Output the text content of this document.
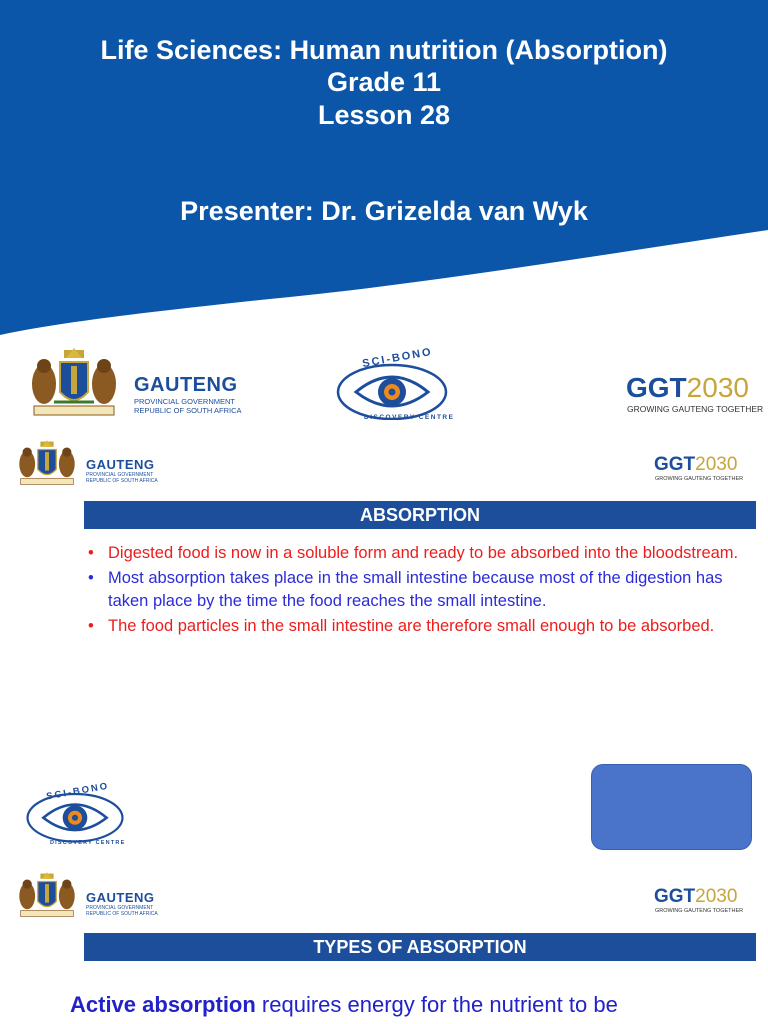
Life Sciences: Human nutrition (Absorption)
Grade 11
Lesson 28
Presenter: Dr. Grizelda van Wyk
GAUTENG
PROVINCIAL GOVERNMENT
REPUBLIC OF SOUTH AFRICA
SCI-BONO
DISCOVERY CENTRE
GGT2030
GROWING GAUTENG TOGETHER
GAUTENG
PROVINCIAL GOVERNMENT
REPUBLIC OF SOUTH AFRICA
GGT2030
GROWING GAUTENG TOGETHER
ABSORPTION
• Digested food is now in a soluble form and ready to be absorbed into the bloodstream.
• Most absorption takes place in the small intestine because most of the digestion has taken place by the time the food reaches the small intestine.
• The food particles in the small intestine are therefore small enough to be absorbed.
SCI-BONO
DISCOVERY CENTRE
GAUTENG
PROVINCIAL GOVERNMENT
REPUBLIC OF SOUTH AFRICA
GGT2030
GROWING GAUTENG TOGETHER
TYPES OF ABSORPTION
Active absorption requires energy for the nutrient to be
